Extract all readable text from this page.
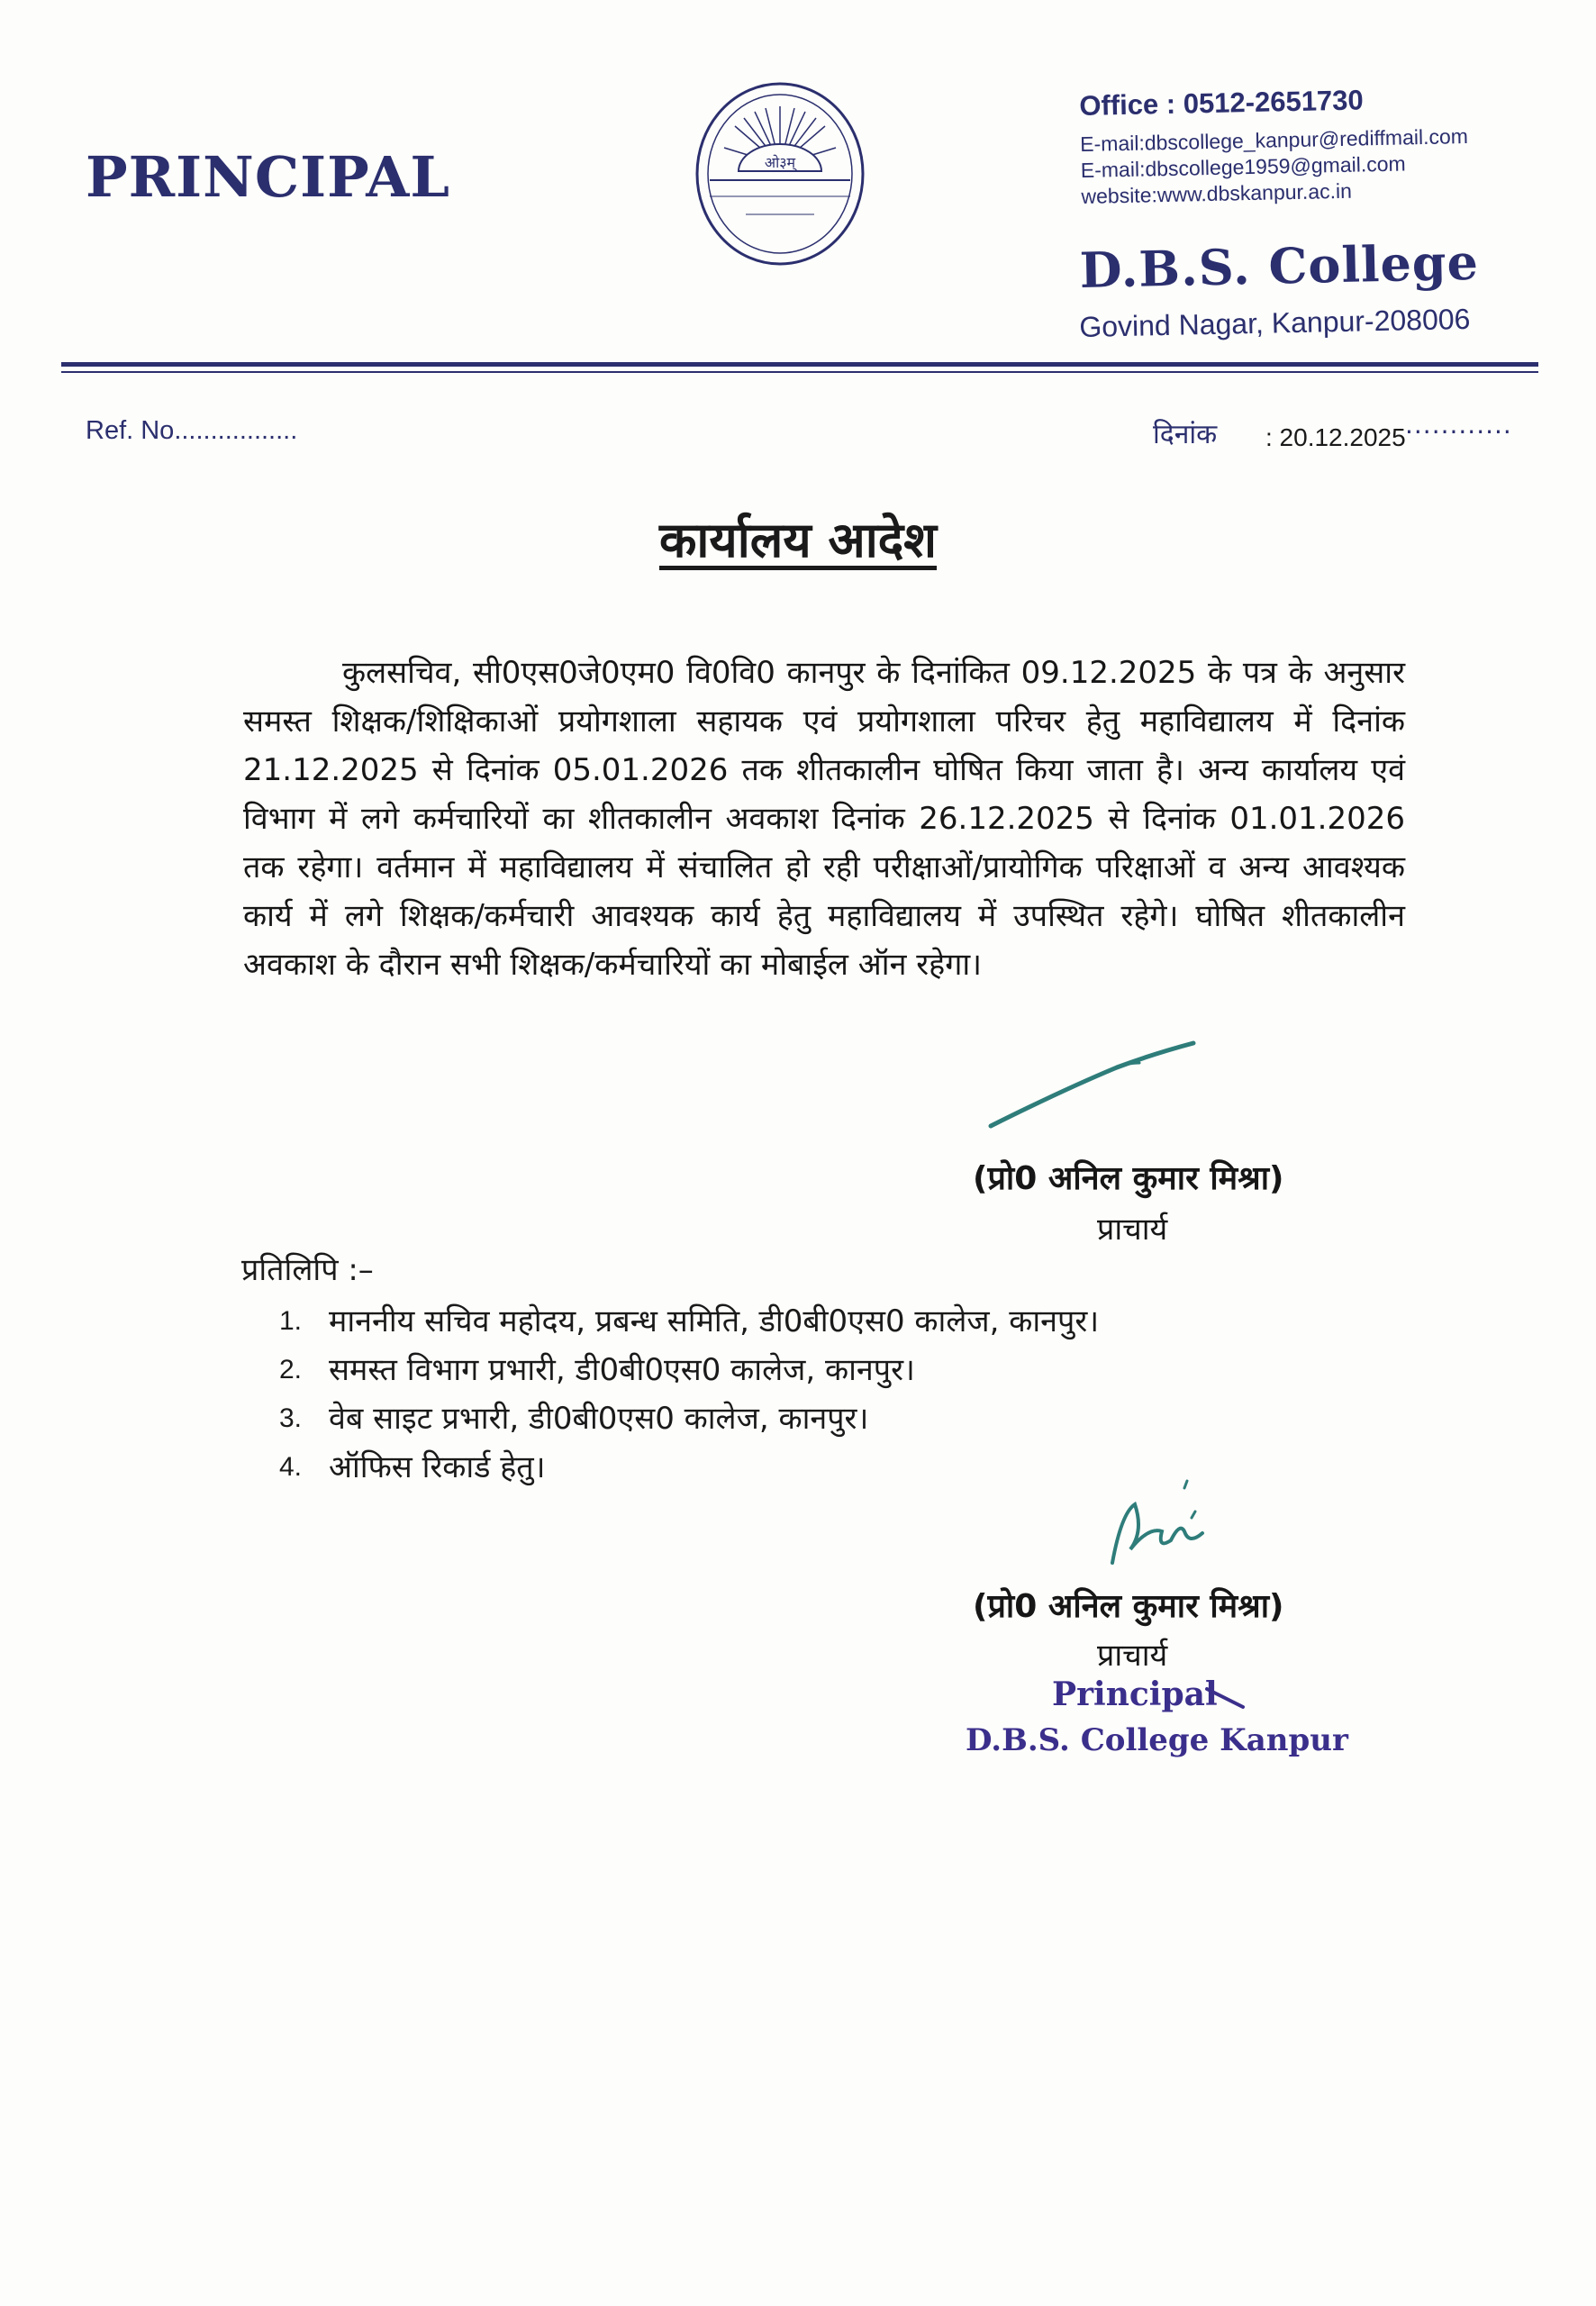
PRINCIPAL	ओ३म्
Office : 0512-2651730
E-mail:dbscollege_kanpur@rediffmail.com
E-mail:dbscollege1959@gmail.com
website:www.dbskanpur.ac.in
D.B.S. College
Govind Nagar, Kanpur-208006
Ref. No.................	दिनांक : 20.12.2025 ............
कार्यालय आदेश
कुलसचिव, सी0एस0जे0एम0 वि0वि0 कानपुर के दिनांकित 09.12.2025 के पत्र के अनुसार समस्त शिक्षक/शिक्षिकाओं प्रयोगशाला सहायक एवं प्रयोगशाला परिचर हेतु महाविद्यालय में दिनांक 21.12.2025 से दिनांक 05.01.2026 तक शीतकालीन घोषित किया जाता है। अन्य कार्यालय एवं विभाग में लगे कर्मचारियों का शीतकालीन अवकाश दिनांक 26.12.2025 से दिनांक 01.01.2026 तक रहेगा। वर्तमान में महाविद्यालय में संचालित हो रही परीक्षाओं/प्रायोगिक परिक्षाओं व अन्य आवश्यक कार्य में लगे शिक्षक/कर्मचारी आवश्यक कार्य हेतु महाविद्यालय में उपस्थित रहेगे। घोषित शीतकालीन अवकाश के दौरान सभी शिक्षक/कर्मचारियों का मोबाईल ऑन रहेगा।
(प्रो0 अनिल कुमार मिश्रा)
प्राचार्य
प्रतिलिपि :–
1. माननीय सचिव महोदय, प्रबन्ध समिति, डी0बी0एस0 कालेज, कानपुर।
2. समस्त विभाग प्रभारी, डी0बी0एस0 कालेज, कानपुर।
3. वेब साइट प्रभारी, डी0बी0एस0 कालेज, कानपुर।
4. ऑफिस रिकार्ड हेतु।
(प्रो0 अनिल कुमार मिश्रा)
प्राचार्य
Principal
D.B.S. College Kanpur
